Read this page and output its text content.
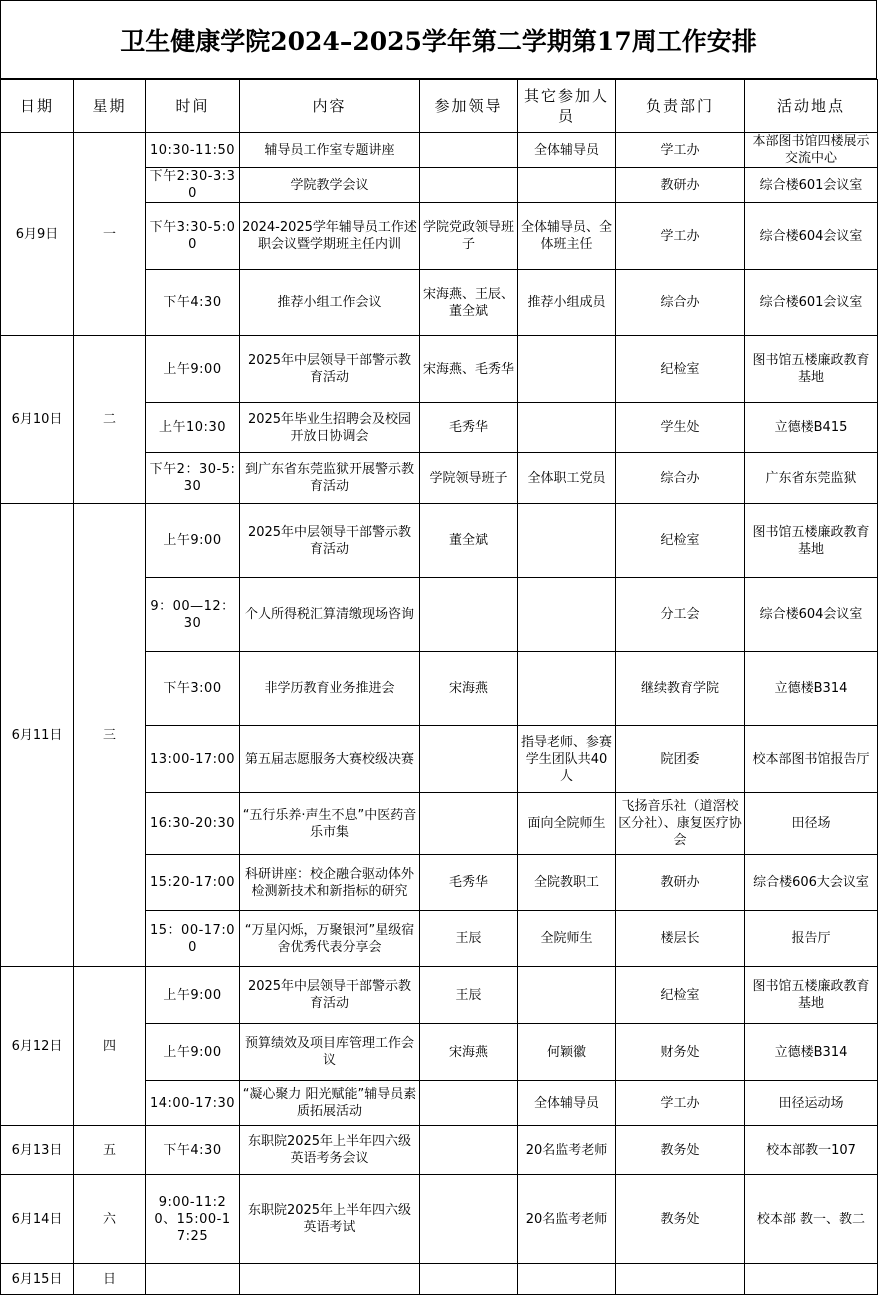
卫生健康学院2024–2025学年第二学期第17周工作安排
日期	星期	时间	内容	参加领导	其它参加人员	负责部门	活动地点
6月9日	一	10:30-11:50	辅导员工作室专题讲座		全体辅导员	学工办	本部图书馆四楼展示交流中心
		下午2:30-3:30	学院教学会议			教研办	综合楼601会议室
		下午3:30-5:00	2024-2025学年辅导员工作述职会议暨学期班主任内训	学院党政领导班子	全体辅导员、全体班主任	学工办	综合楼604会议室
		下午4:30	推荐小组工作会议	宋海燕、王辰、董全斌	推荐小组成员	综合办	综合楼601会议室
6月10日	二	上午9:00	2025年中层领导干部警示教育活动	宋海燕、毛秀华		纪检室	图书馆五楼廉政教育基地
		上午10:30	2025年毕业生招聘会及校园开放日协调会	毛秀华		学生处	立德楼B415
		下午2：30-5:30	到广东省东莞监狱开展警示教育活动	学院领导班子	全体职工党员	综合办	广东省东莞监狱
6月11日	三	上午9:00	2025年中层领导干部警示教育活动	董全斌		纪检室	图书馆五楼廉政教育基地
		9：00—12：30	个人所得税汇算清缴现场咨询			分工会	综合楼604会议室
		下午3:00	非学历教育业务推进会	宋海燕		继续教育学院	立德楼B314
		13:00-17:00	第五届志愿服务大赛校级决赛		指导老师、参赛学生团队共40人	院团委	校本部图书馆报告厅
		16:30-20:30	“五行乐养·声生不息”中医药音乐市集		面向全院师生	飞扬音乐社（道滘校区分社）、康复医疗协会	田径场
		15:20-17:00	科研讲座：校企融合驱动体外检测新技术和新指标的研究	毛秀华	全院教职工	教研办	综合楼606大会议室
		15：00-17:00	“万星闪烁，万聚银河”星级宿舍优秀代表分享会	王辰	全院师生	楼层长	报告厅
6月12日	四	上午9:00	2025年中层领导干部警示教育活动	王辰		纪检室	图书馆五楼廉政教育基地
		上午9:00	预算绩效及项目库管理工作会议	宋海燕	何颖徽	财务处	立德楼B314
		14:00-17:30	“凝心聚力 阳光赋能”辅导员素质拓展活动		全体辅导员	学工办	田径运动场
6月13日	五	下午4:30	东职院2025年上半年四六级英语考务会议		20名监考老师	教务处	校本部教一107
6月14日	六	9:00-11:20、15:00-17:25	东职院2025年上半年四六级英语考试		20名监考老师	教务处	校本部 教一、教二
6月15日	日						
